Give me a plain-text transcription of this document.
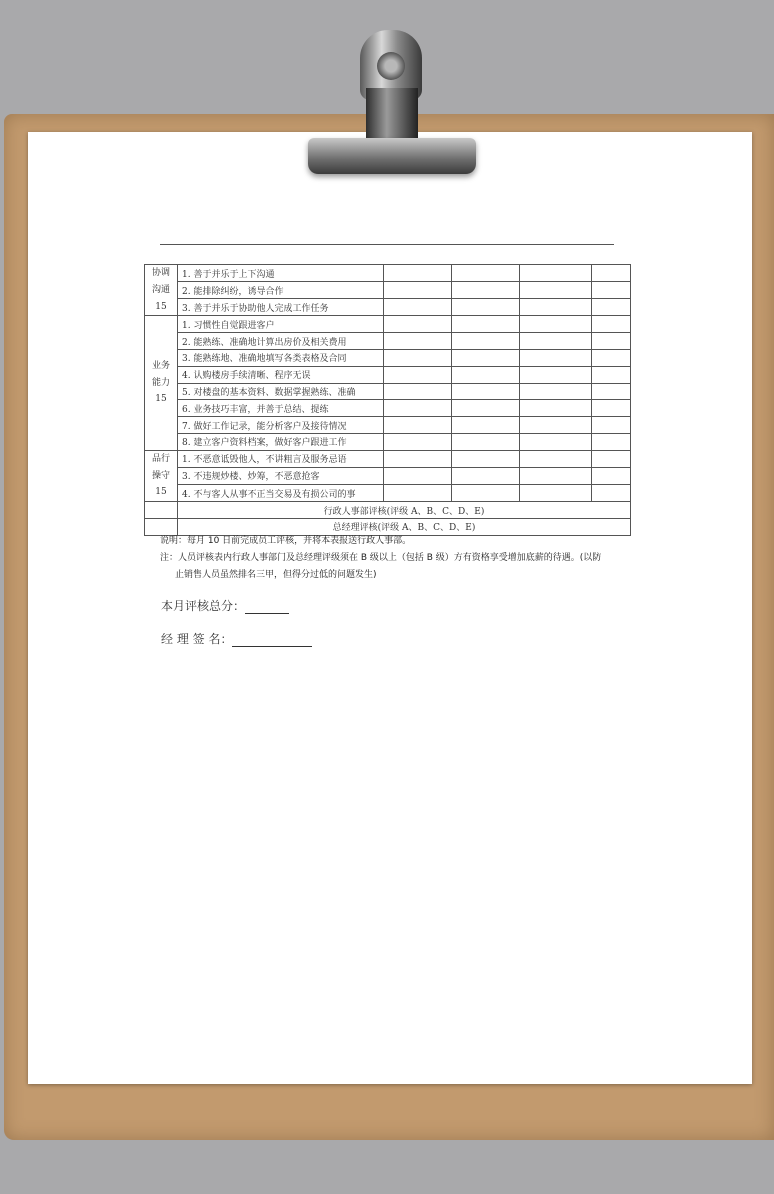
协调
沟通
15	1. 善于并乐于上下沟通				
	2. 能排除纠纷，诱导合作				
	3. 善于并乐于协助他人完成工作任务				

业务
能力
15	1. 习惯性自觉跟进客户				
	2. 能熟练、准确地计算出房价及相关费用				
	3. 能熟练地、准确地填写各类表格及合同				
	4. 认购楼房手续清晰、程序无误				
	5. 对楼盘的基本资料、数据掌握熟练、准确				
	6. 业务技巧丰富，并善于总结、提练				
	7. 做好工作记录，能分析客户及接待情况				
	8. 建立客户资料档案，做好客户跟进工作				

品行
操守
15	1. 不恶意诋毁他人，不讲粗言及服务忌语				
	3. 不违规炒楼、炒筹，不恶意抢客				
	4. 不与客人从事不正当交易及有损公司的事				
	行政人事部评核(评级 A、B、C、D、E)				
	总经理评核(评级 A、B、C、D、E)				
说明：每月 10 日前完成员工评核，并将本表报送行政人事部。
注：人员评核表内行政人事部门及总经理评级须在 B 级以上（包括 B 级）方有资格享受增加底薪的待遇。(以防
止销售人员虽然排名三甲，但得分过低的问题发生)
本月评核总分：
经 理 签 名：
